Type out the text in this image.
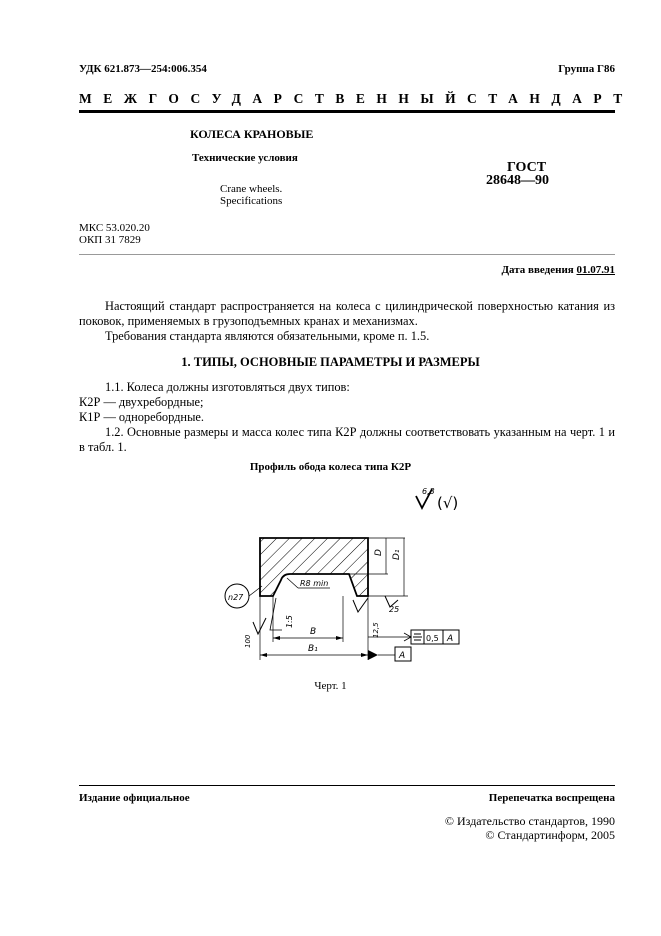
УДК 621.873—254:006.354	Группа Г86
МЕЖГОСУДАРСТВЕННЫЙ СТАНДАРТ
КОЛЕСА КРАНОВЫЕ
Технические условия
Crane wheels.
Specifications
ГОСТ
28648—90
МКС 53.020.20
ОКП 31 7829
Дата введения 01.07.91
Настоящий стандарт распространяется на колеса с цилиндрической поверхностью катания из поковок, применяемых в грузоподъемных кранах и механизмах.
Требования стандарта являются обязательными, кроме п. 1.5.
1. ТИПЫ, ОСНОВНЫЕ ПАРАМЕТРЫ И РАЗМЕРЫ
1.1. Колеса должны изготовляться двух типов:
К2Р — двухребордные;
К1Р — одноребордные.
1.2. Основные размеры и масса колес типа К2Р должны соответствовать указанным на черт. 1 и в табл. 1.
Профиль обода колеса типа К2Р
6,3
(√)
D D₁
R8 min
n27
1:5
25
12,5
100
B
B₁
A
0,5 A
Черт. 1
Издание официальное	Перепечатка воспрещена
© Издательство стандартов, 1990
© Стандартинформ, 2005
